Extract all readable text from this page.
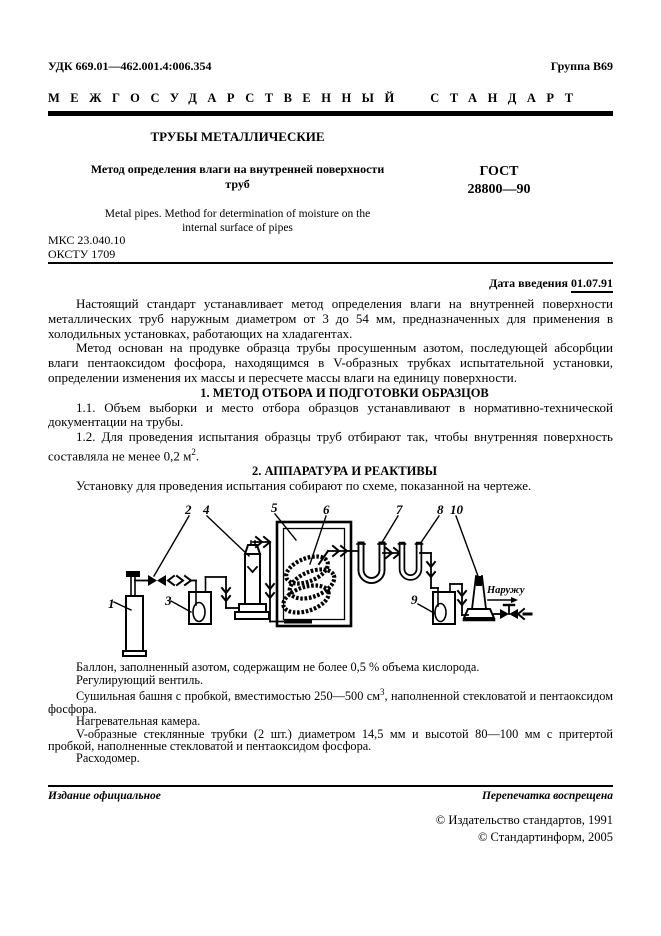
УДК 669.01—462.001.4:006.354	Группа В69
МЕЖГОСУДАРСТВЕННЫЙ СТАНДАРТ
ТРУБЫ МЕТАЛЛИЧЕСКИЕ
Метод определения влаги на внутренней поверхности труб
Metal pipes. Method for determination of moisture on the internal surface of pipes
ГОСТ
28800—90
МКС 23.040.10
ОКСТУ 1709
Дата введения 01.07.91

Настоящий стандарт устанавливает метод определения влаги на внутренней поверхности металлических труб наружным диаметром от 3 до 54 мм, предназначенных для применения в холодильных установках, работающих на хладагентах.

Метод основан на продувке образца трубы просушенным азотом, последующей абсорбции влаги пентаоксидом фосфора, находящимся в V-образных трубках испытательной установки, определении изменения их массы и пересчете массы влаги на единицу поверхности.

1. МЕТОД ОТБОРА И ПОДГОТОВКИ ОБРАЗЦОВ

1.1. Объем выборки и место отбора образцов устанавливают в нормативно-технической документации на трубы.

1.2. Для проведения испытания образцы труб отбирают так, чтобы внутренняя поверхность составляла не менее 0,2 $м^2$.

2. АППАРАТУРА И РЕАКТИВЫ

Установку для проведения испытания собирают по схеме, показанной на чертеже.

1
2
3
4	5	6	7	8
9
10
Наружу

Баллон, заполненный азотом, содержащим не более 0,5 % объема кислорода.

Регулирующий вентиль.

Сушильная башня с пробкой, вместимостью 250—500 $см^3$, наполненной стекловатой и пентаоксидом фосфора.

Нагревательная камера.

V-образные стеклянные трубки (2 шт.) диаметром 14,5 мм и высотой 80—100 мм с притертой пробкой, наполненные стекловатой и пентаоксидом фосфора.

Расходомер.

Издание официальное	Перепечатка воспрещена
© Издательство стандартов, 1991
© Стандартинформ, 2005
